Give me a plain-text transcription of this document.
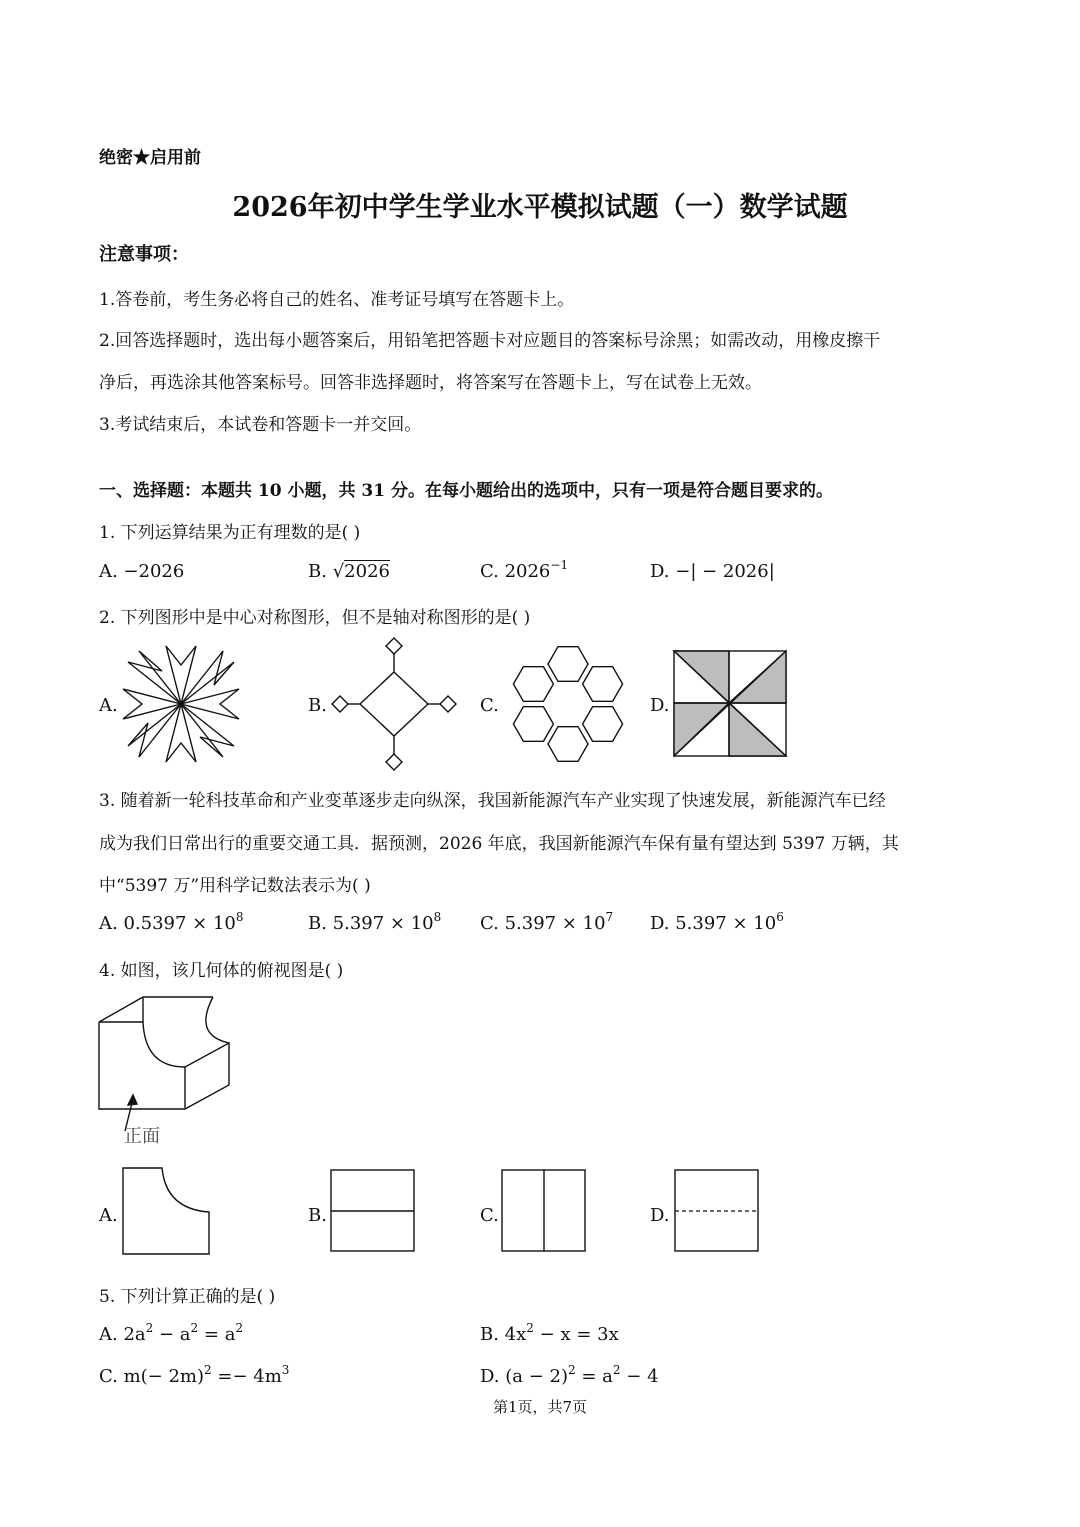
绝密★启用前
2026年初中学生学业水平模拟试题（一）数学试题
注意事项：
1.答卷前，考生务必将自己的姓名、准考证号填写在答题卡上。
2.回答选择题时，选出每小题答案后，用铅笔把答题卡对应题目的答案标号涂黑；如需改动，用橡皮擦干
净后，再选涂其他答案标号。回答非选择题时，将答案写在答题卡上，写在试卷上无效。
3.考试结束后，本试卷和答题卡一并交回。
一、选择题：本题共 10 小题，共 31 分。在每小题给出的选项中，只有一项是符合题目要求的。
1. 下列运算结果为正有理数的是( )
A. −2026	B. √2026	C. $2026^{-1}$	D. −| − 2026|
2. 下列图形中是中心对称图形，但不是轴对称图形的是( )
A.	B.	C.	D.
3. 随着新一轮科技革命和产业变革逐步走向纵深，我国新能源汽车产业实现了快速发展，新能源汽车已经
成为我们日常出行的重要交通工具．据预测，2026 年底，我国新能源汽车保有量有望达到 5397 万辆，其
中“5397 万”用科学记数法表示为( )
A. $0.5397 \times 10^8$	B. $5.397 \times 10^8$ C. $5.397 \times 10^7$ D. $5.397 \times 10^6$
4. 如图，该几何体的俯视图是( )
正面
A.	B.	C.	D.
5. 下列计算正确的是( )
A. $2a^2 - a^2 = a^2$	B. $4x^2 - x = 3x$
C. $m(- 2m)^2 =- 4m^3$	D. $(a - 2)^2 = a^2 - 4$
第1页，共7页
